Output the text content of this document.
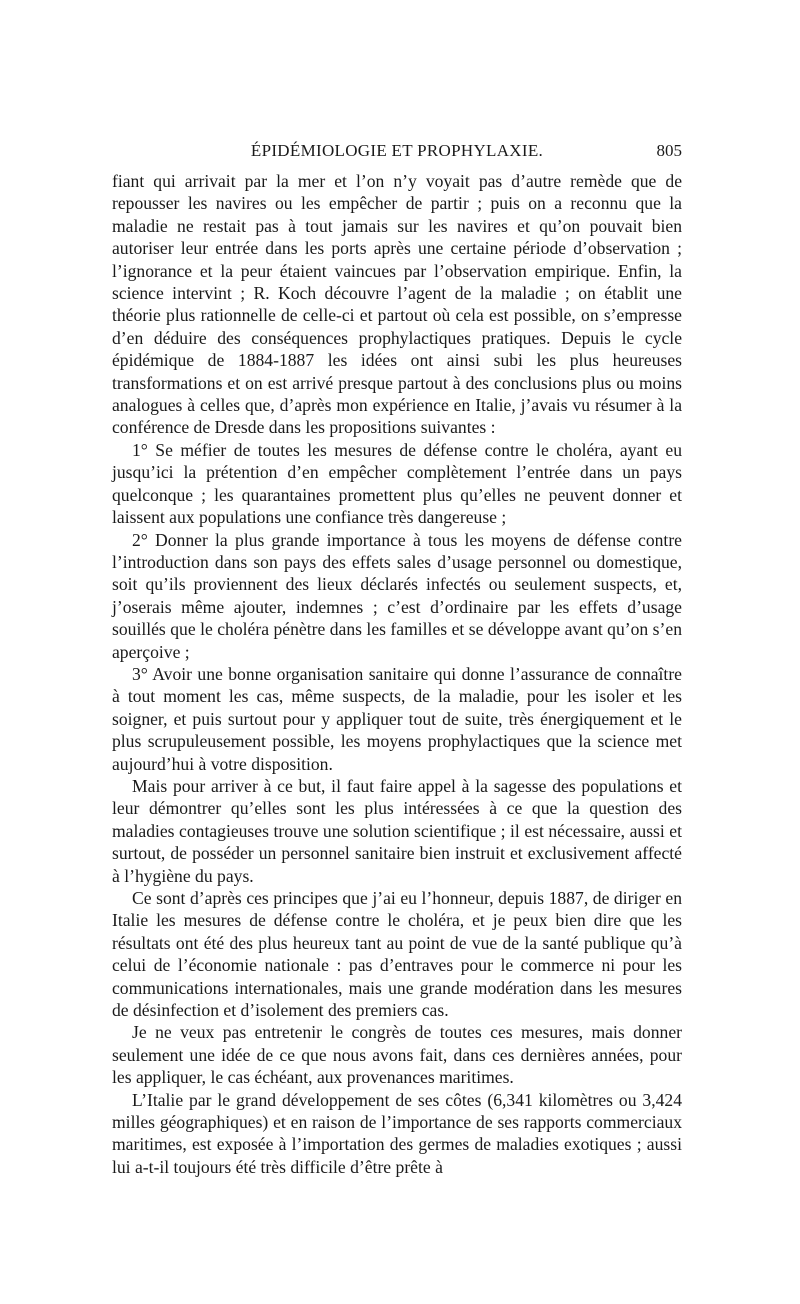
ÉPIDÉMIOLOGIE ET PROPHYLAXIE.	805

fiant qui arrivait par la mer et l’on n’y voyait pas d’autre remède que de repousser les navires ou les empêcher de partir ; puis on a reconnu que la maladie ne restait pas à tout jamais sur les navires et qu’on pouvait bien autoriser leur entrée dans les ports après une certaine période d’observation ; l’ignorance et la peur étaient vaincues par l’observation empirique. Enfin, la science intervint ; R. Koch découvre l’agent de la maladie ; on établit une théorie plus rationnelle de celle-ci et partout où cela est possible, on s’empresse d’en déduire des conséquences prophylactiques pratiques. Depuis le cycle épidémique de 1884-1887 les idées ont ainsi subi les plus heureuses transformations et on est arrivé presque partout à des conclusions plus ou moins analogues à celles que, d’après mon expérience en Italie, j’avais vu résumer à la conférence de Dresde dans les propositions suivantes :

1° Se méfier de toutes les mesures de défense contre le choléra, ayant eu jusqu’ici la prétention d’en empêcher complètement l’entrée dans un pays quelconque ; les quarantaines promettent plus qu’elles ne peuvent donner et laissent aux populations une confiance très dangereuse ;

2° Donner la plus grande importance à tous les moyens de défense contre l’introduction dans son pays des effets sales d’usage personnel ou domestique, soit qu’ils proviennent des lieux déclarés infectés ou seulement suspects, et, j’oserais même ajouter, indemnes ; c’est d’ordinaire par les effets d’usage souillés que le choléra pénètre dans les familles et se développe avant qu’on s’en aperçoive ;

3° Avoir une bonne organisation sanitaire qui donne l’assurance de connaître à tout moment les cas, même suspects, de la maladie, pour les isoler et les soigner, et puis surtout pour y appliquer tout de suite, très énergiquement et le plus scrupuleusement possible, les moyens prophylactiques que la science met aujourd’hui à votre disposition.

Mais pour arriver à ce but, il faut faire appel à la sagesse des populations et leur démontrer qu’elles sont les plus intéressées à ce que la question des maladies contagieuses trouve une solution scientifique ; il est nécessaire, aussi et surtout, de posséder un personnel sanitaire bien instruit et exclusivement affecté à l’hygiène du pays.

Ce sont d’après ces principes que j’ai eu l’honneur, depuis 1887, de diriger en Italie les mesures de défense contre le choléra, et je peux bien dire que les résultats ont été des plus heureux tant au point de vue de la santé publique qu’à celui de l’économie nationale : pas d’entraves pour le commerce ni pour les communications internationales, mais une grande modération dans les mesures de désinfection et d’isolement des premiers cas.

Je ne veux pas entretenir le congrès de toutes ces mesures, mais donner seulement une idée de ce que nous avons fait, dans ces dernières années, pour les appliquer, le cas échéant, aux provenances maritimes.

L’Italie par le grand développement de ses côtes (6,341 kilomètres ou 3,424 milles géographiques) et en raison de l’importance de ses rapports commerciaux maritimes, est exposée à l’importation des germes de maladies exotiques ; aussi lui a-t-il toujours été très difficile d’être prête à
